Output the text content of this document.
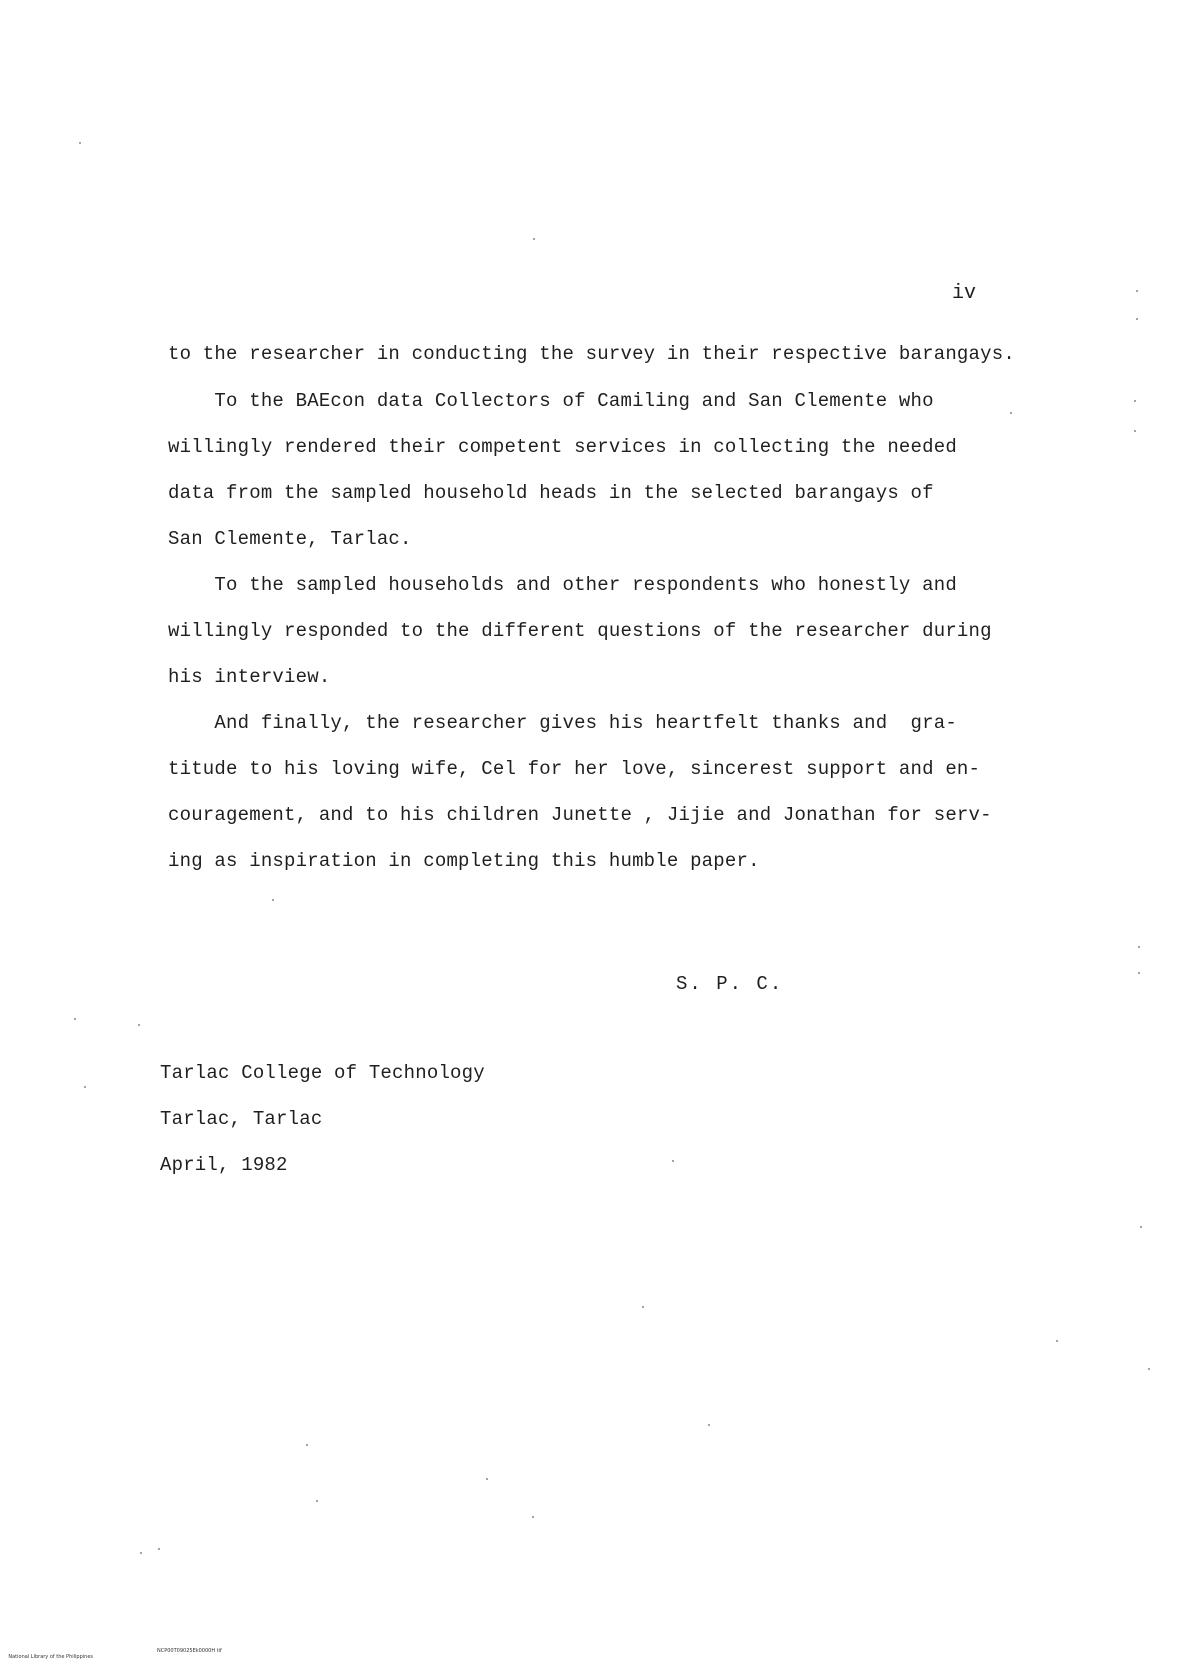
iv
to the researcher in conducting the survey in their respective barangays.
To the BAEcon data Collectors of Camiling and San Clemente who
willingly rendered their competent services in collecting the needed
data from the sampled household heads in the selected barangays of
San Clemente, Tarlac.
To the sampled households and other respondents who honestly and
willingly responded to the different questions of the researcher during
his interview.
And finally, the researcher gives his heartfelt thanks and  gra-
titude to his loving wife, Cel for her love, sincerest support and en-
couragement, and to his children Junette , Jijie and Jonathan for serv-
ing as inspiration in completing this humble paper.
S. P. C.
Tarlac College of Technology
Tarlac, Tarlac
April, 1982

National Library of the Philippines

NCP00T09025Ek0000H tif
